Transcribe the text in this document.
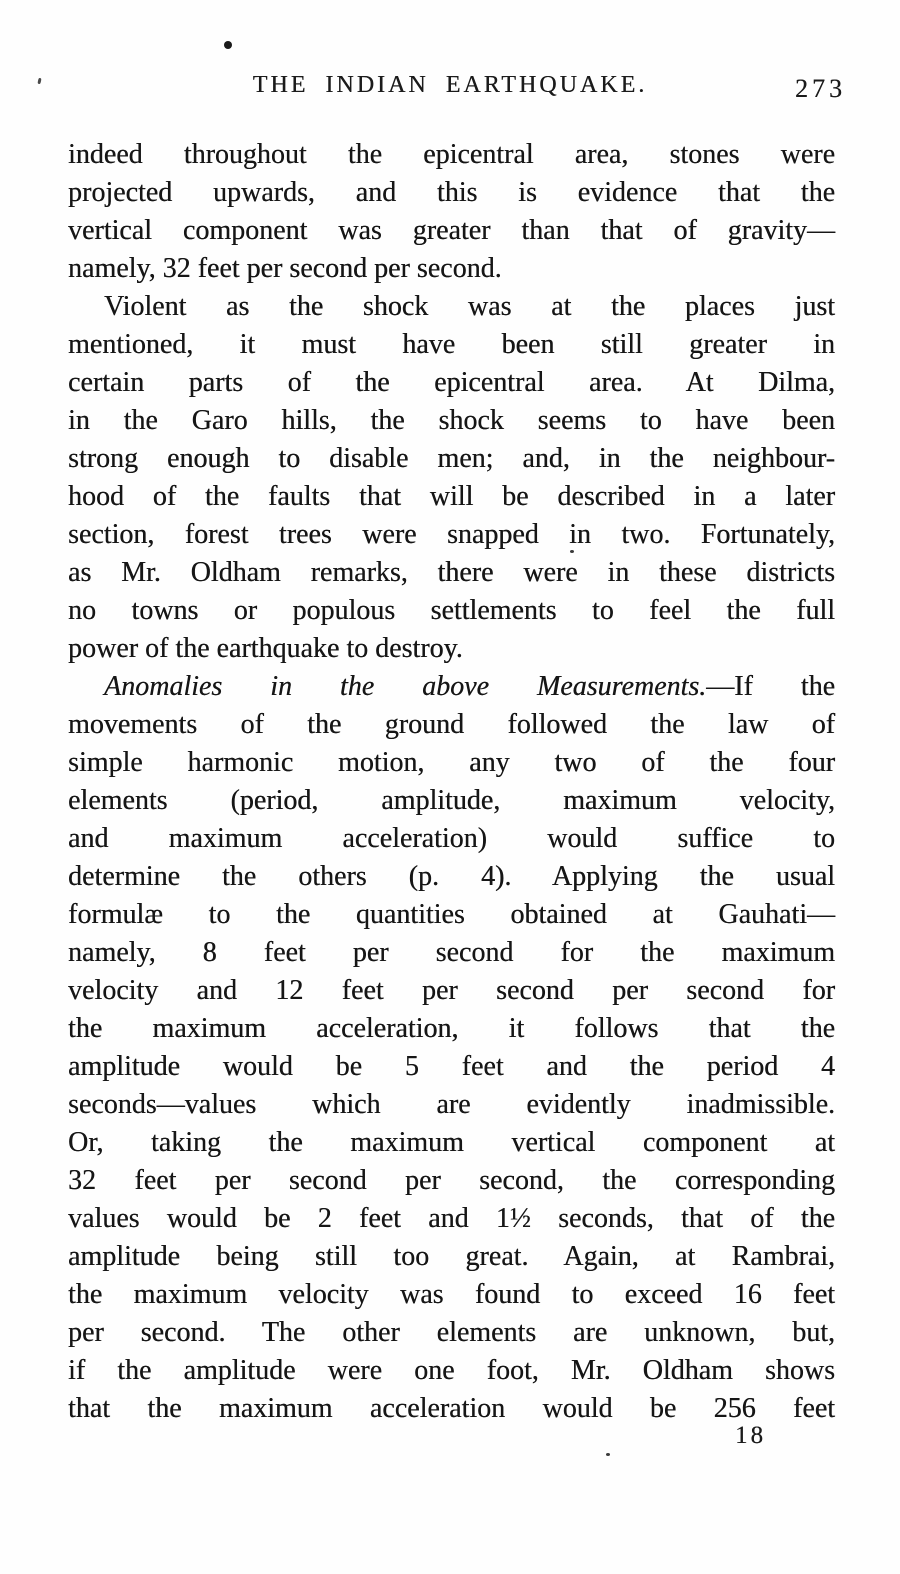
THE INDIAN EARTHQUAKE.	273
indeed throughout the epicentral area, stones were
projected upwards, and this is evidence that the
vertical component was greater than that of gravity—
namely, 32 feet per second per second.
Violent as the shock was at the places just
mentioned, it must have been still greater in
certain parts of the epicentral area. At Dilma,
in the Garo hills, the shock seems to have been
strong enough to disable men; and, in the neighbour-
hood of the faults that will be described in a later
section, forest trees were snapped in two. Fortunately,
as Mr. Oldham remarks, there were in these districts
no towns or populous settlements to feel the full
power of the earthquake to destroy.
Anomalies in the above Measurements.—If the
movements of the ground followed the law of
simple harmonic motion, any two of the four
elements (period, amplitude, maximum velocity,
and maximum acceleration) would suffice to
determine the others (p. 4). Applying the usual
formulæ to the quantities obtained at Gauhati—
namely, 8 feet per second for the maximum
velocity and 12 feet per second per second for
the maximum acceleration, it follows that the
amplitude would be 5 feet and the period 4
seconds—values which are evidently inadmissible.
Or, taking the maximum vertical component at
32 feet per second per second, the corresponding
values would be 2 feet and 1½ seconds, that of the
amplitude being still too great. Again, at Rambrai,
the maximum velocity was found to exceed 16 feet
per second. The other elements are unknown, but,
if the amplitude were one foot, Mr. Oldham shows
that the maximum acceleration would be 256 feet
18
